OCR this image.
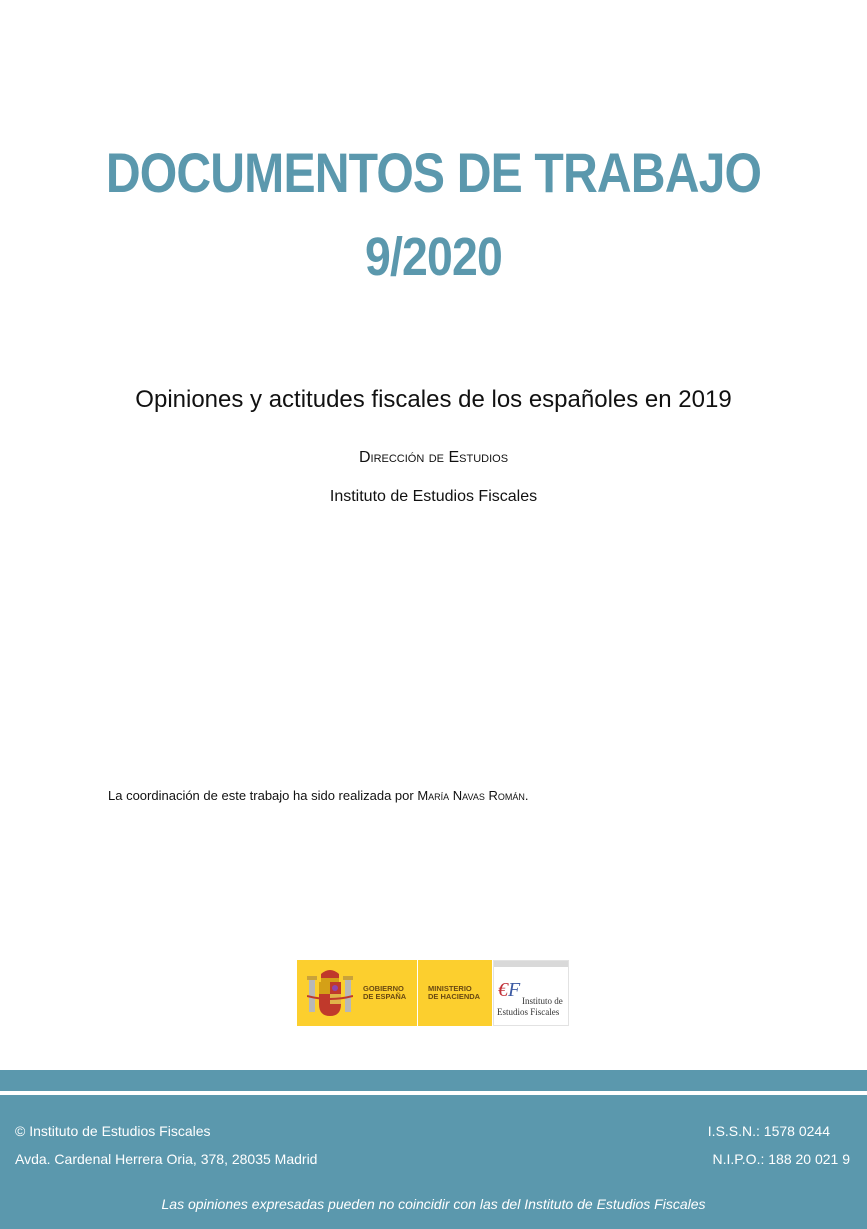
DOCUMENTOS DE TRABAJO
9/2020
Opiniones y actitudes fiscales de los españoles en 2019
Dirección de Estudios
Instituto de Estudios Fiscales
La coordinación de este trabajo ha sido realizada por María Navas Román.
GOBIERNO
DE ESPAÑA
MINISTERIO
DE HACIENDA € F Instituto de
Estudios Fiscales
© Instituto de Estudios Fiscales
Avda. Cardenal Herrera Oria, 378, 28035 Madrid
I.S.S.N.: 1578 0244
N.I.P.O.: 188 20 021 9
Las opiniones expresadas pueden no coincidir con las del Instituto de Estudios Fiscales
